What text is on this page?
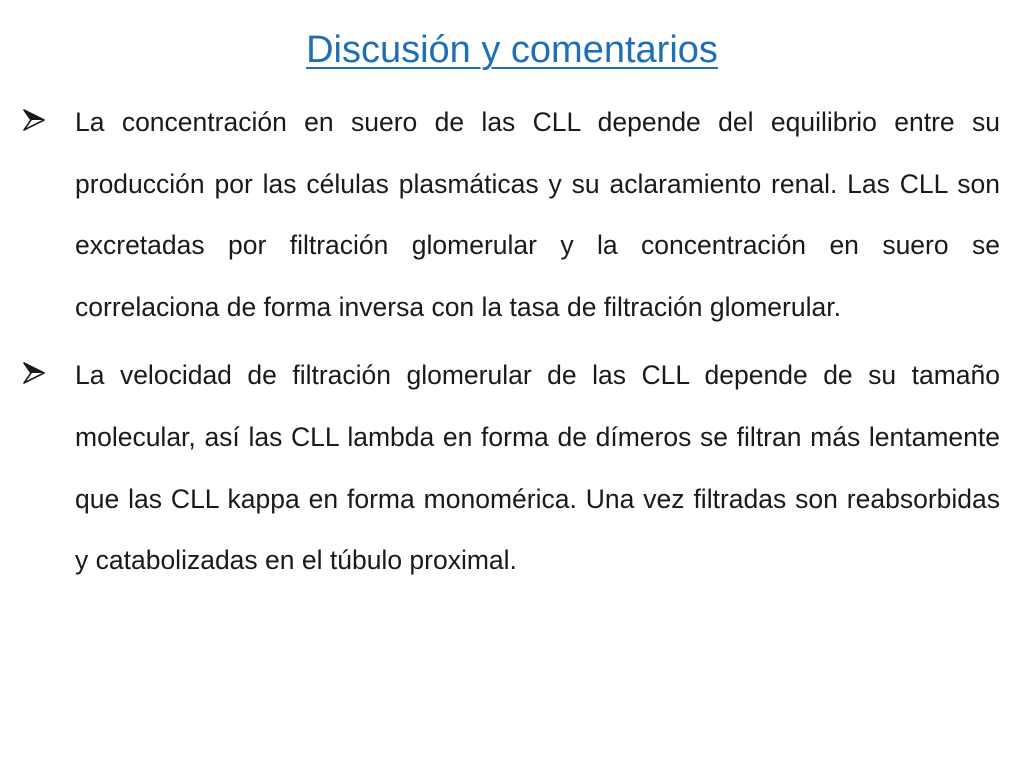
Discusión y comentarios

La concentración en suero de las CLL depende del equilibrio entre su producción por las células plasmáticas y su aclaramiento renal. Las CLL son excretadas por filtración glomerular y la concentración en suero se correlaciona de forma inversa con la tasa de filtración glomerular.

La velocidad de filtración glomerular de las CLL depende de su tamaño molecular, así las CLL lambda en forma de dímeros se filtran más lentamente que las CLL kappa en forma monomérica. Una vez filtradas son reabsorbidas y catabolizadas en el túbulo proximal.
